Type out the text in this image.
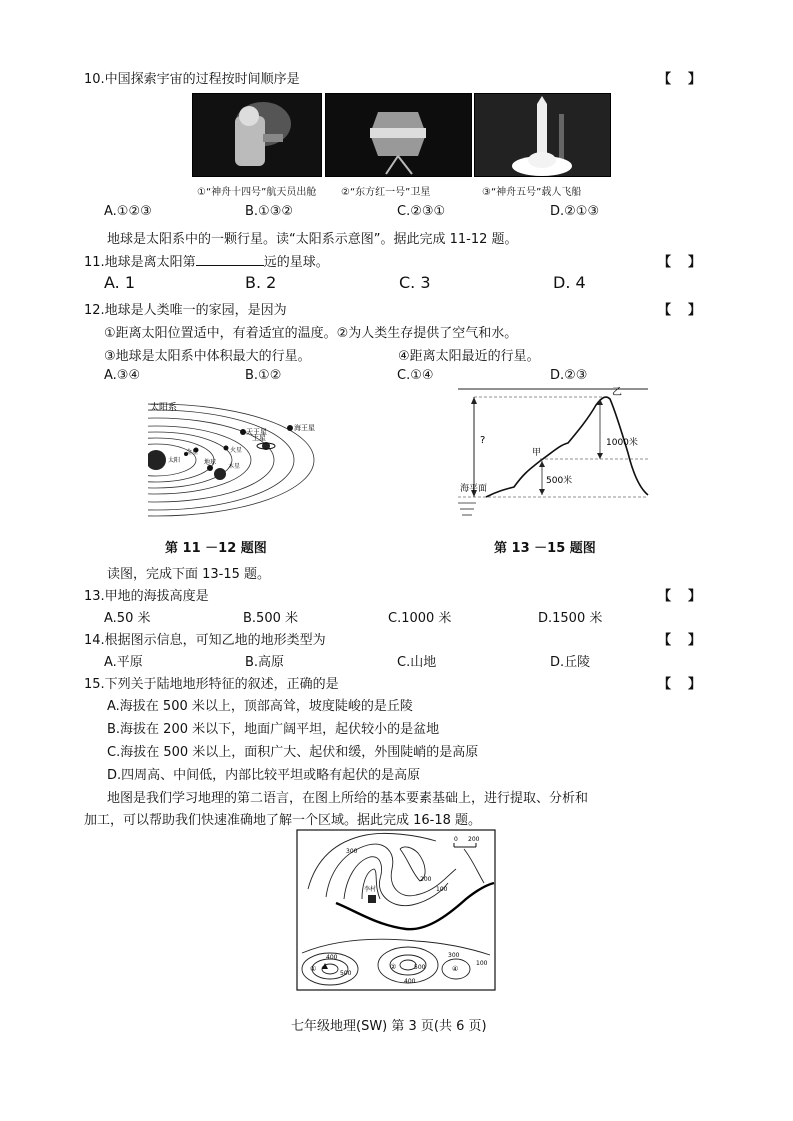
10.中国探索宇宙的过程按时间顺序是	【　】
①“神舟十四号”航天员出舱 ②“东方红一号”卫星	③“神舟五号”载人飞船
A.①②③	B.①③②	C.②③①	D.②①③
地球是太阳系中的一颗行星。读“太阳系示意图”。据此完成 11-12 题。
11.地球是离太阳第	远的星球。	【　】
A. 1	B. 2	C. 3	D. 4
12.地球是人类唯一的家园，是因为	【　】
①距离太阳位置适中，有着适宜的温度。②为人类生存提供了空气和水。
③地球是太阳系中体积最大的行星。	④距离太阳最近的行星。
A.③④	B.①②	C.①④	D.②③
太阳系
天王星	海王星
土星
火星
金星
太阳	地球
木星
第 11 －12 题图
乙
?
甲
1000米
500米
海平面
第 13 －15 题图
读图，完成下面 13-15 题。
13.甲地的海拔高度是	【　】
A.50 米	B.500 米	C.1000 米	D.1500 米
14.根据图示信息，可知乙地的地形类型为	【　】
A.平原	B.高原	C.山地	D.丘陵
15.下列关于陆地地形特征的叙述，正确的是	【　】
A.海拔在 500 米以上，顶部高耸，坡度陡峻的是丘陵
B.海拔在 200 米以下，地面广阔平坦，起伏较小的是盆地
C.海拔在 500 米以上，面积广大、起伏和缓，外围陡峭的是高原
D.四周高、中间低，内部比较平坦或略有起伏的是高原
地图是我们学习地理的第二语言，在图上所给的基本要素基础上，进行提取、分析和
加工，可以帮助我们快速准确地了解一个区域。据此完成 16-18 题。
300
0 200
200
100
李村
400
500
400
500
300
100
①	②	④
七年级地理(SW) 第 3 页(共 6 页)
